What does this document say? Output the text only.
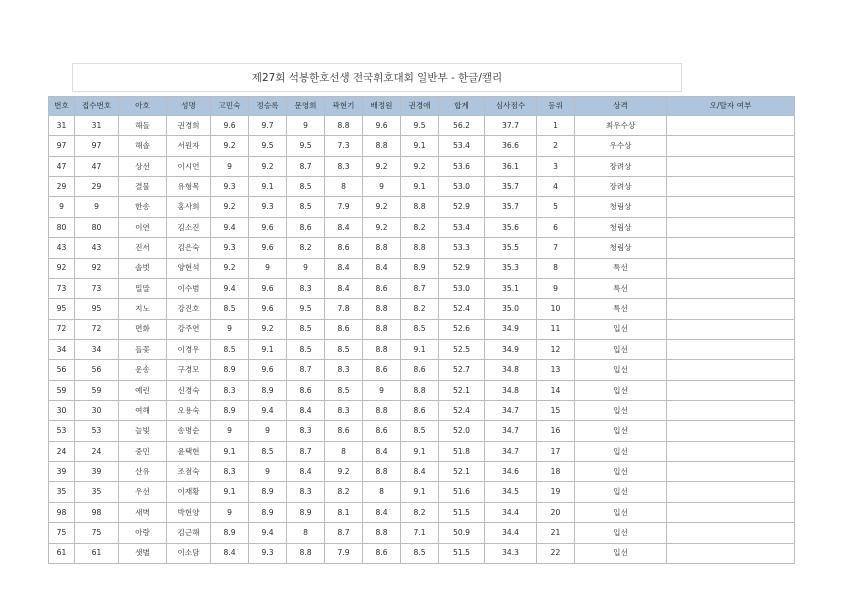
제27회 석봉한호선생 전국휘호대회 일반부 - 한글/캘리
번호	접수번호	아호	성명	고민숙	정승록	문영희	곽현기	배정원	권경애	합계	심사점수	등위	상격	오/탈자 여부
31	31	해들	권경희	9.6	9.7	9	8.8	9.6	9.5	56.2	37.7	1	최우수상	
97	97	해솔	서원자	9.2	9.5	9.5	7.3	8.8	9.1	53.4	36.6	2	우수상	
47	47	상선	이시언	9	9.2	8.7	8.3	9.2	9.2	53.6	36.1	3	장려상	
29	29	결물	유형목	9.3	9.1	8.5	8	9	9.1	53.0	35.7	4	장려상	
9	9	한송	홍사희	9.2	9.3	8.5	7.9	9.2	8.8	52.9	35.7	5	청림상	
80	80	이연	김소진	9.4	9.6	8.6	8.4	9.2	8.2	53.4	35.6	6	청림상	
43	43	진서	김은숙	9.3	9.6	8.2	8.6	8.8	8.8	53.3	35.5	7	청림상	
92	92	솔벗	양현석	9.2	9	9	8.4	8.4	8.9	52.9	35.3	8	특선	
73	73	밀말	이수범	9.4	9.6	8.3	8.4	8.6	8.7	53.0	35.1	9	특선	
95	95	지노	강진호	8.5	9.6	9.5	7.8	8.8	8.2	52.4	35.0	10	특선	
72	72	면화	강주연	9	9.2	8.5	8.6	8.8	8.5	52.6	34.9	11	입선	
34	34	들꽃	이경우	8.5	9.1	8.5	8.5	8.8	9.1	52.5	34.9	12	입선	
56	56	운송	구경모	8.9	9.6	8.7	8.3	8.6	8.6	52.7	34.8	13	입선	
59	59	예린	신경숙	8.3	8.9	8.6	8.5	9	8.8	52.1	34.8	14	입선	
30	30	여해	오용숙	8.9	9.4	8.4	8.3	8.8	8.6	52.4	34.7	15	입선	
53	53	늘빛	송명순	9	9	8.3	8.6	8.6	8.5	52.0	34.7	16	입선	
24	24	중민	윤택현	9.1	8.5	8.7	8	8.4	9.1	51.8	34.7	17	입선	
39	39	산유	조점숙	8.3	9	8.4	9.2	8.8	8.4	52.1	34.6	18	입선	
35	35	우선	이재황	9.1	8.9	8.3	8.2	8	9.1	51.6	34.5	19	입선	
98	98	새벽	박현양	9	8.9	8.9	8.1	8.4	8.2	51.5	34.4	20	입선	
75	75	아랑	김근해	8.9	9.4	8	8.7	8.8	7.1	50.9	34.4	21	입선	
61	61	샛별	이소담	8.4	9.3	8.8	7.9	8.6	8.5	51.5	34.3	22	입선	
